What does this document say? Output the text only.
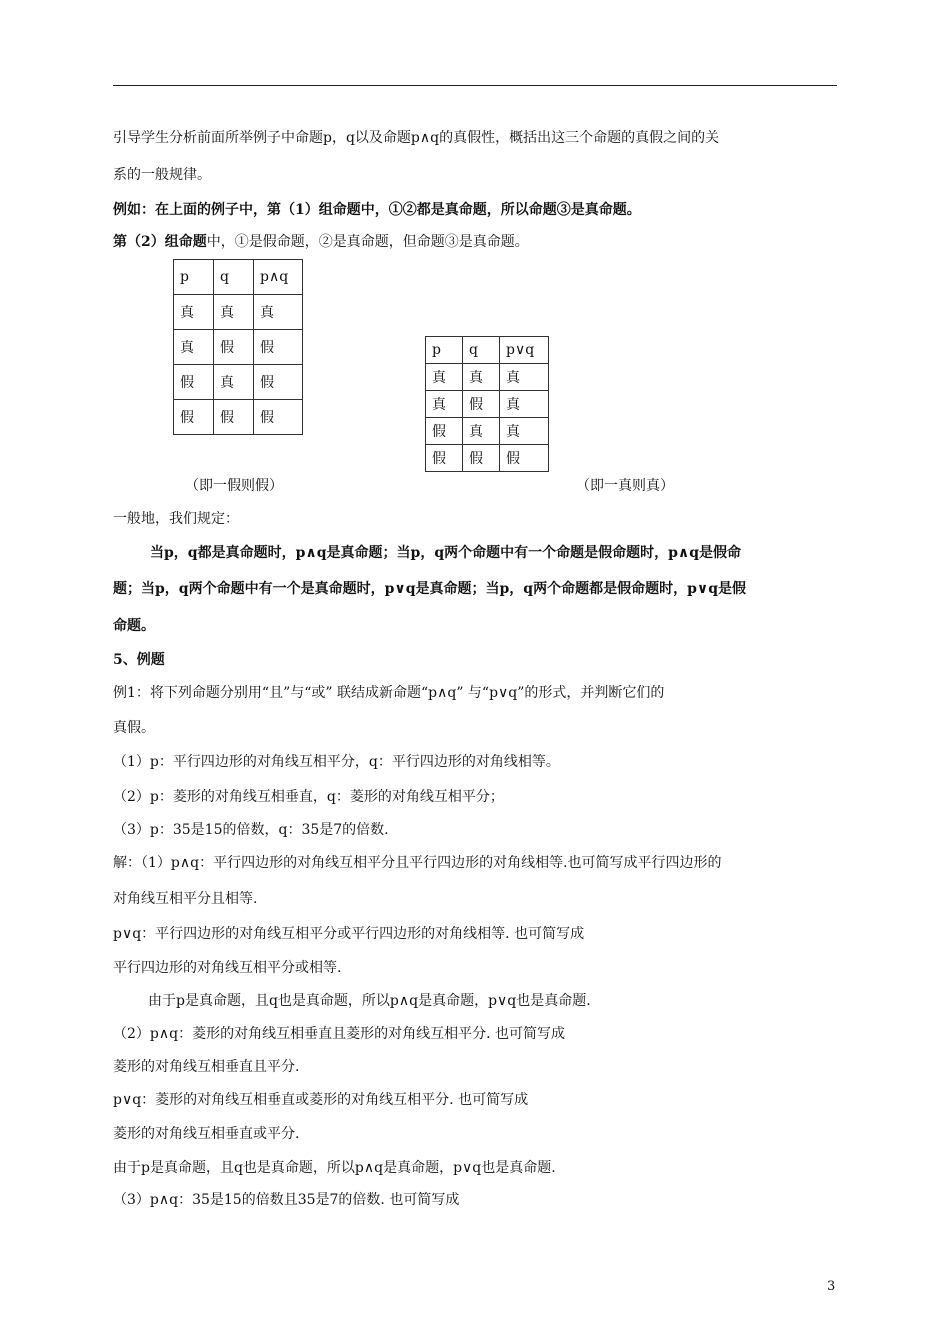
引导学生分析前面所举例子中命题p，q以及命题p∧q的真假性，概括出这三个命题的真假之间的关
系的一般规律。
例如：在上面的例子中，第（1）组命题中，①②都是真命题，所以命题③是真命题。
第（2）组命题中，①是假命题，②是真命题，但命题③是真命题。
p	q	p∧q
真	真	真
真	假	假
假	真	假
假	假	假
p	q	p∨q
真	真	真
真	假	真
假	真	真
假	假	假
（即一假则假）	（即一真则真）
一般地，我们规定：
当p，q都是真命题时，p∧q是真命题；当p，q两个命题中有一个命题是假命题时，p∧q是假命
题；当p，q两个命题中有一个是真命题时，p∨q是真命题；当p，q两个命题都是假命题时，p∨q是假
命题。
5、例题
例1：将下列命题分别用“且”与“或” 联结成新命题“p∧q” 与“p∨q”的形式，并判断它们的
真假。
（1）p：平行四边形的对角线互相平分，q：平行四边形的对角线相等。
（2）p：菱形的对角线互相垂直，q：菱形的对角线互相平分；
（3）p：35是15的倍数，q：35是7的倍数.
解：（1）p∧q：平行四边形的对角线互相平分且平行四边形的对角线相等.也可简写成平行四边形的
对角线互相平分且相等.
p∨q：平行四边形的对角线互相平分或平行四边形的对角线相等. 也可简写成
平行四边形的对角线互相平分或相等.
由于p是真命题，且q也是真命题，所以p∧q是真命题，p∨q也是真命题.
（2）p∧q：菱形的对角线互相垂直且菱形的对角线互相平分. 也可简写成
菱形的对角线互相垂直且平分.
p∨q：菱形的对角线互相垂直或菱形的对角线互相平分. 也可简写成
菱形的对角线互相垂直或平分.
由于p是真命题，且q也是真命题，所以p∧q是真命题，p∨q也是真命题.
（3）p∧q：35是15的倍数且35是7的倍数. 也可简写成
3
